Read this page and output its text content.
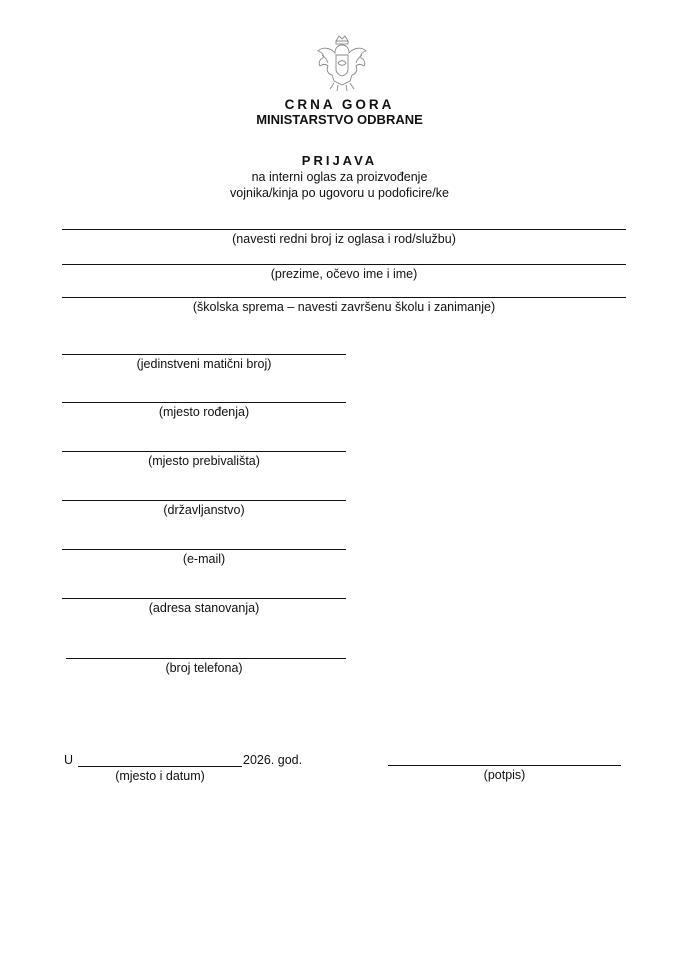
CRNA GORA
MINISTARSTVO ODBRANE
PRIJAVA
na interni oglas za proizvođenje
vojnika/kinja po ugovoru u podoficire/ke
(navesti redni broj iz oglasa i rod/službu)
(prezime, očevo ime i ime)
(školska sprema – navesti završenu školu i zanimanje)
(jedinstveni matični broj)
(mjesto rođenja)
(mjesto prebivališta)
(državljanstvo)
(e-mail)
(adresa stanovanja)
(broj telefona)
U	2026. god.
(mjesto i datum)	(potpis)
